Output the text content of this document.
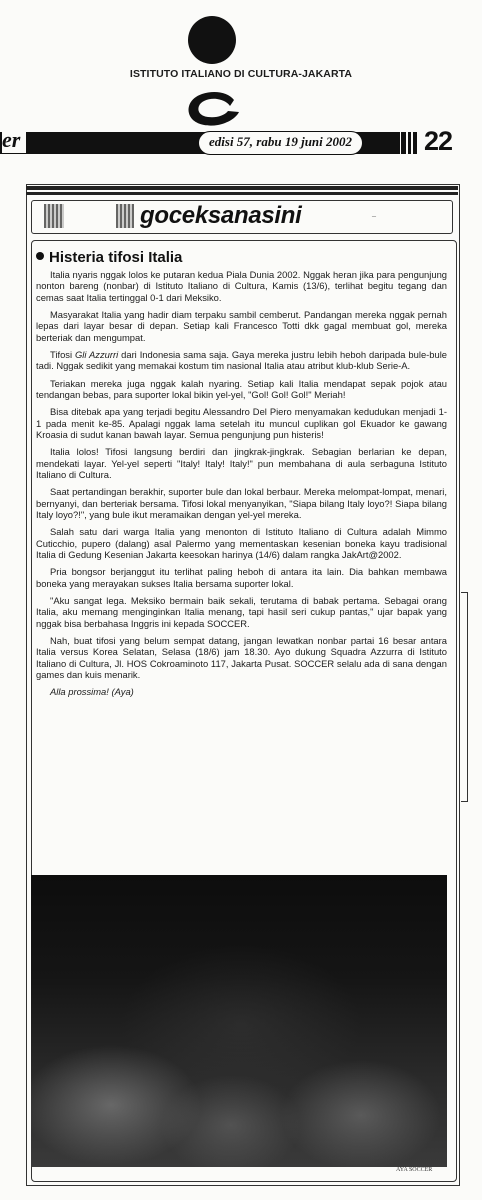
ISTITUTO ITALIANO DI CULTURA-JAKARTA
er	edisi 57, rabu 19 juni 2002	22
goceksanasini	–
Histeria tifosi Italia

Italia nyaris nggak lolos ke putaran kedua Piala Dunia 2002. Nggak heran jika para pengunjung nonton bareng (nonbar) di Istituto Italiano di Cultura, Kamis (13/6), terlihat begitu tegang dan cemas saat Italia tertinggal 0-1 dari Meksiko.

Masyarakat Italia yang hadir diam terpaku sambil cemberut. Pandangan mereka nggak pernah lepas dari layar besar di depan. Setiap kali Francesco Totti dkk gagal membuat gol, mereka berteriak dan mengumpat.

Tifosi Gli Azzurri dari Indonesia sama saja. Gaya mereka justru lebih heboh daripada bule-bule tadi. Nggak sedikit yang memakai kostum tim nasional Italia atau atribut klub-klub Serie-A.

Teriakan mereka juga nggak kalah nyaring. Setiap kali Italia mendapat sepak pojok atau tendangan bebas, para suporter lokal bikin yel-yel, "Gol! Gol! Gol!" Meriah!

Bisa ditebak apa yang terjadi begitu Alessandro Del Piero menyamakan kedudukan menjadi 1-1 pada menit ke-85. Apalagi nggak lama setelah itu muncul cuplikan gol Ekuador ke gawang Kroasia di sudut kanan bawah layar. Semua pengunjung pun histeris!

Italia lolos! Tifosi langsung berdiri dan jingkrak-jingkrak. Sebagian berlarian ke depan, mendekati layar. Yel-yel seperti "Italy! Italy! Italy!" pun membahana di aula serbaguna Istituto Italiano di Cultura.

Saat pertandingan berakhir, suporter bule dan lokal berbaur. Mereka melompat-lompat, menari, bernyanyi, dan berteriak bersama. Tifosi lokal menyanyikan, "Siapa bilang Italy loyo?! Siapa bilang Italy loyo?!", yang bule ikut meramaikan dengan yel-yel mereka.

Salah satu dari warga Italia yang menonton di Istituto Italiano di Cultura adalah Mimmo Cuticchio, pupero (dalang) asal Palermo yang mementaskan kesenian boneka kayu tradisional Italia di Gedung Kesenian Jakarta keesokan harinya (14/6) dalam rangka JakArt@2002.

Pria bongsor berjanggut itu terlihat paling heboh di antara ita lain. Dia bahkan membawa boneka yang merayakan sukses Italia bersama suporter lokal.

"Aku sangat lega. Meksiko bermain baik sekali, terutama di babak pertama. Sebagai orang Italia, aku memang menginginkan Italia menang, tapi hasil seri cukup pantas," ujar bapak yang nggak bisa berbahasa Inggris ini kepada SOCCER.

Nah, buat tifosi yang belum sempat datang, jangan lewatkan nonbar partai 16 besar antara Italia versus Korea Selatan, Selasa (18/6) jam 18.30. Ayo dukung Squadra Azzurra di Istituto Italiano di Cultura, Jl. HOS Cokroaminoto 117, Jakarta Pusat. SOCCER selalu ada di sana dengan games dan kuis menarik.

Alla prossima! (Aya)

AYA SOCCER
